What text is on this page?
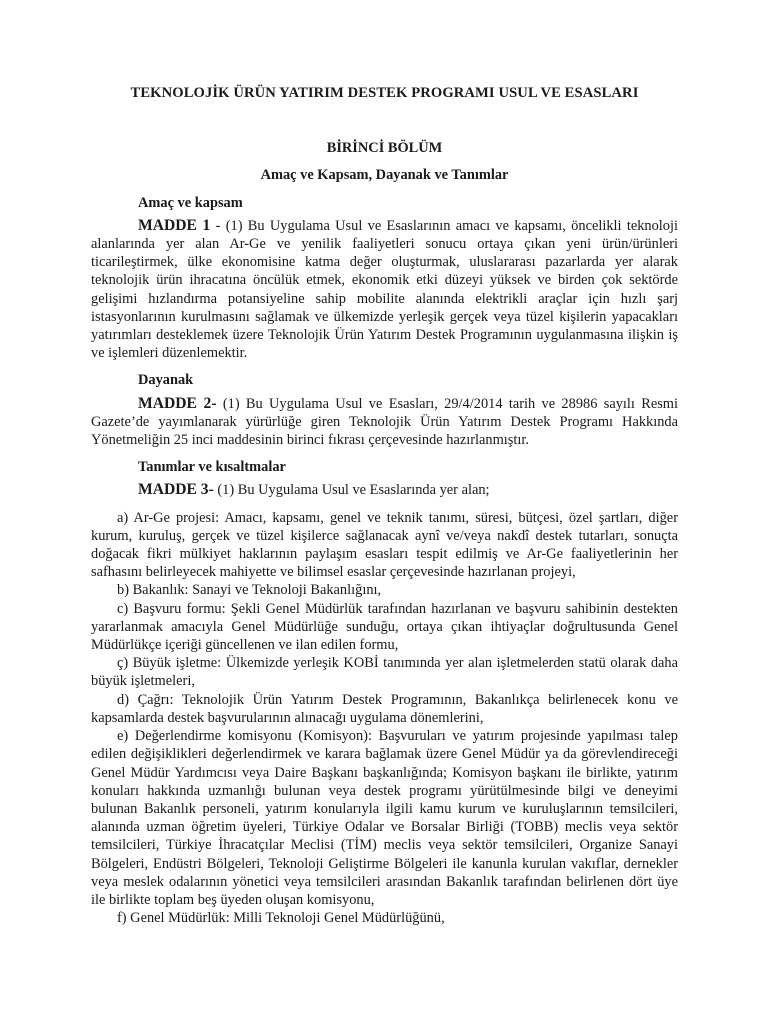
TEKNOLOJİK ÜRÜN YATIRIM DESTEK PROGRAMI USUL VE ESASLARI
BİRİNCİ BÖLÜM
Amaç ve Kapsam, Dayanak ve Tanımlar
Amaç ve kapsam

MADDE 1 - (1) Bu Uygulama Usul ve Esaslarının amacı ve kapsamı, öncelikli teknoloji alanlarında yer alan Ar-Ge ve yenilik faaliyetleri sonucu ortaya çıkan yeni ürün/ürünleri ticarileştirmek, ülke ekonomisine katma değer oluşturmak, uluslararası pazarlarda yer alarak teknolojik ürün ihracatına öncülük etmek, ekonomik etki düzeyi yüksek ve birden çok sektörde gelişimi hızlandırma potansiyeline sahip mobilite alanında elektrikli araçlar için hızlı şarj istasyonlarının kurulmasını sağlamak ve ülkemizde yerleşik gerçek veya tüzel kişilerin yapacakları yatırımları desteklemek üzere Teknolojik Ürün Yatırım Destek Programının uygulanmasına ilişkin iş ve işlemleri düzenlemektir.

Dayanak

MADDE 2- (1) Bu Uygulama Usul ve Esasları, 29/4/2014 tarih ve 28986 sayılı Resmi Gazete’de yayımlanarak yürürlüğe giren Teknolojik Ürün Yatırım Destek Programı Hakkında Yönetmeliğin 25 inci maddesinin birinci fıkrası çerçevesinde hazırlanmıştır.

Tanımlar ve kısaltmalar

MADDE 3- (1) Bu Uygulama Usul ve Esaslarında yer alan;

a) Ar-Ge projesi: Amacı, kapsamı, genel ve teknik tanımı, süresi, bütçesi, özel şartları, diğer kurum, kuruluş, gerçek ve tüzel kişilerce sağlanacak aynî ve/veya nakdî destek tutarları, sonuçta doğacak fikri mülkiyet haklarının paylaşım esasları tespit edilmiş ve Ar-Ge faaliyetlerinin her safhasını belirleyecek mahiyette ve bilimsel esaslar çerçevesinde hazırlanan projeyi,

b) Bakanlık: Sanayi ve Teknoloji Bakanlığını,

c) Başvuru formu: Şekli Genel Müdürlük tarafından hazırlanan ve başvuru sahibinin destekten yararlanmak amacıyla Genel Müdürlüğe sunduğu, ortaya çıkan ihtiyaçlar doğrultusunda Genel Müdürlükçe içeriği güncellenen ve ilan edilen formu,

ç) Büyük işletme: Ülkemizde yerleşik KOBİ tanımında yer alan işletmelerden statü olarak daha büyük işletmeleri,

d) Çağrı: Teknolojik Ürün Yatırım Destek Programının, Bakanlıkça belirlenecek konu ve kapsamlarda destek başvurularının alınacağı uygulama dönemlerini,

e) Değerlendirme komisyonu (Komisyon): Başvuruları ve yatırım projesinde yapılması talep edilen değişiklikleri değerlendirmek ve karara bağlamak üzere Genel Müdür ya da görevlendireceği Genel Müdür Yardımcısı veya Daire Başkanı başkanlığında; Komisyon başkanı ile birlikte, yatırım konuları hakkında uzmanlığı bulunan veya destek programı yürütülmesinde bilgi ve deneyimi bulunan Bakanlık personeli, yatırım konularıyla ilgili kamu kurum ve kuruluşlarının temsilcileri, alanında uzman öğretim üyeleri, Türkiye Odalar ve Borsalar Birliği (TOBB) meclis veya sektör temsilcileri, Türkiye İhracatçılar Meclisi (TİM) meclis veya sektör temsilcileri, Organize Sanayi Bölgeleri, Endüstri Bölgeleri, Teknoloji Geliştirme Bölgeleri ile kanunla kurulan vakıflar, dernekler veya meslek odalarının yönetici veya temsilcileri arasından Bakanlık tarafından belirlenen dört üye ile birlikte toplam beş üyeden oluşan komisyonu,

f) Genel Müdürlük: Milli Teknoloji Genel Müdürlüğünü,
